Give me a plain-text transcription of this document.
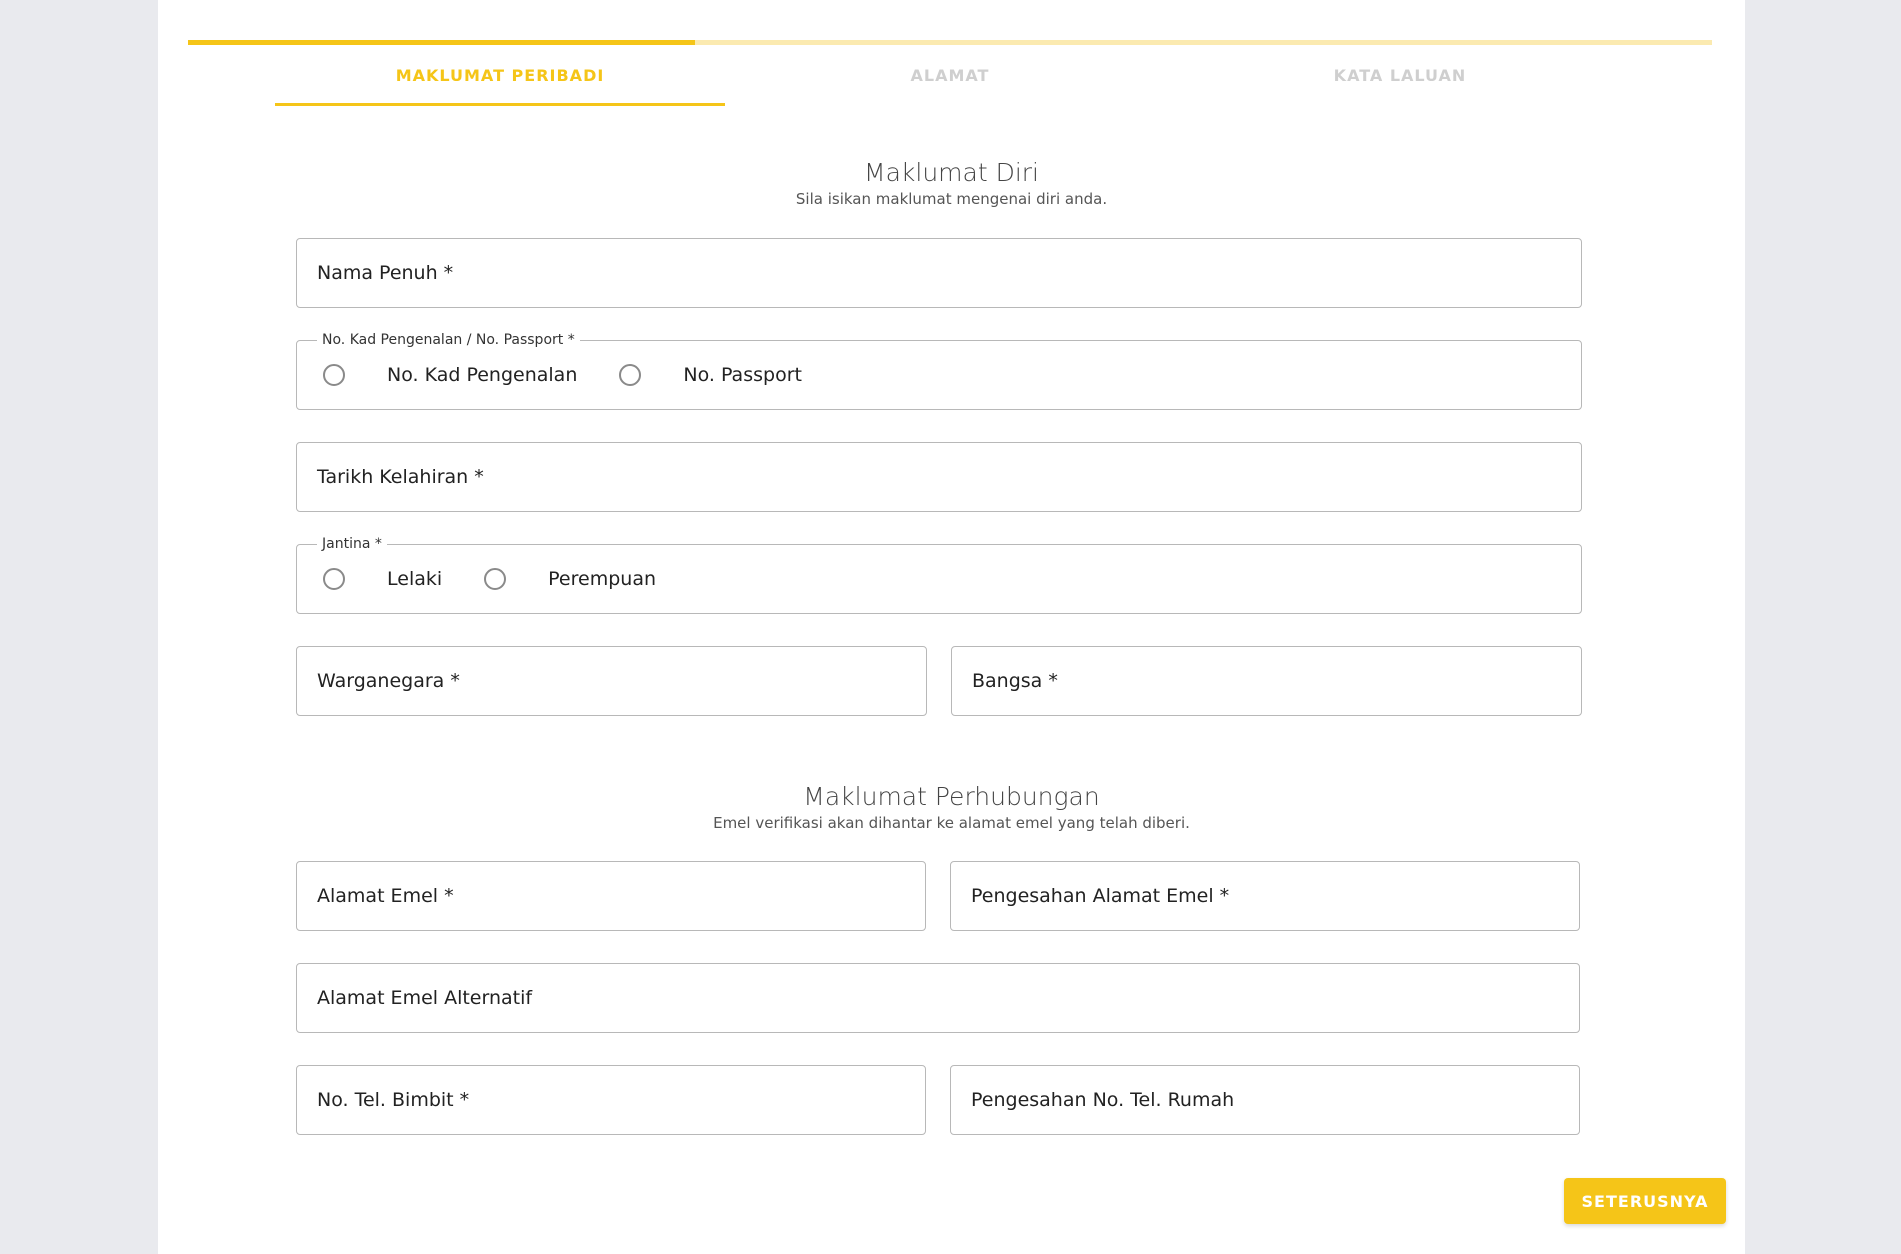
MAKLUMAT PERIBADI	ALAMAT	KATA LALUAN
Maklumat Diri
Sila isikan maklumat mengenai diri anda.
Nama Penuh *
No. Kad Pengenalan / No. Passport *
No. Kad Pengenalan	No. Passport
Tarikh Kelahiran *
Jantina *
Lelaki	Perempuan
Warganegara *	Bangsa *
Maklumat Perhubungan
Emel verifikasi akan dihantar ke alamat emel yang telah diberi.
Alamat Emel *	Pengesahan Alamat Emel *
Alamat Emel Alternatif
No. Tel. Bimbit *	Pengesahan No. Tel. Rumah
SETERUSNYA
